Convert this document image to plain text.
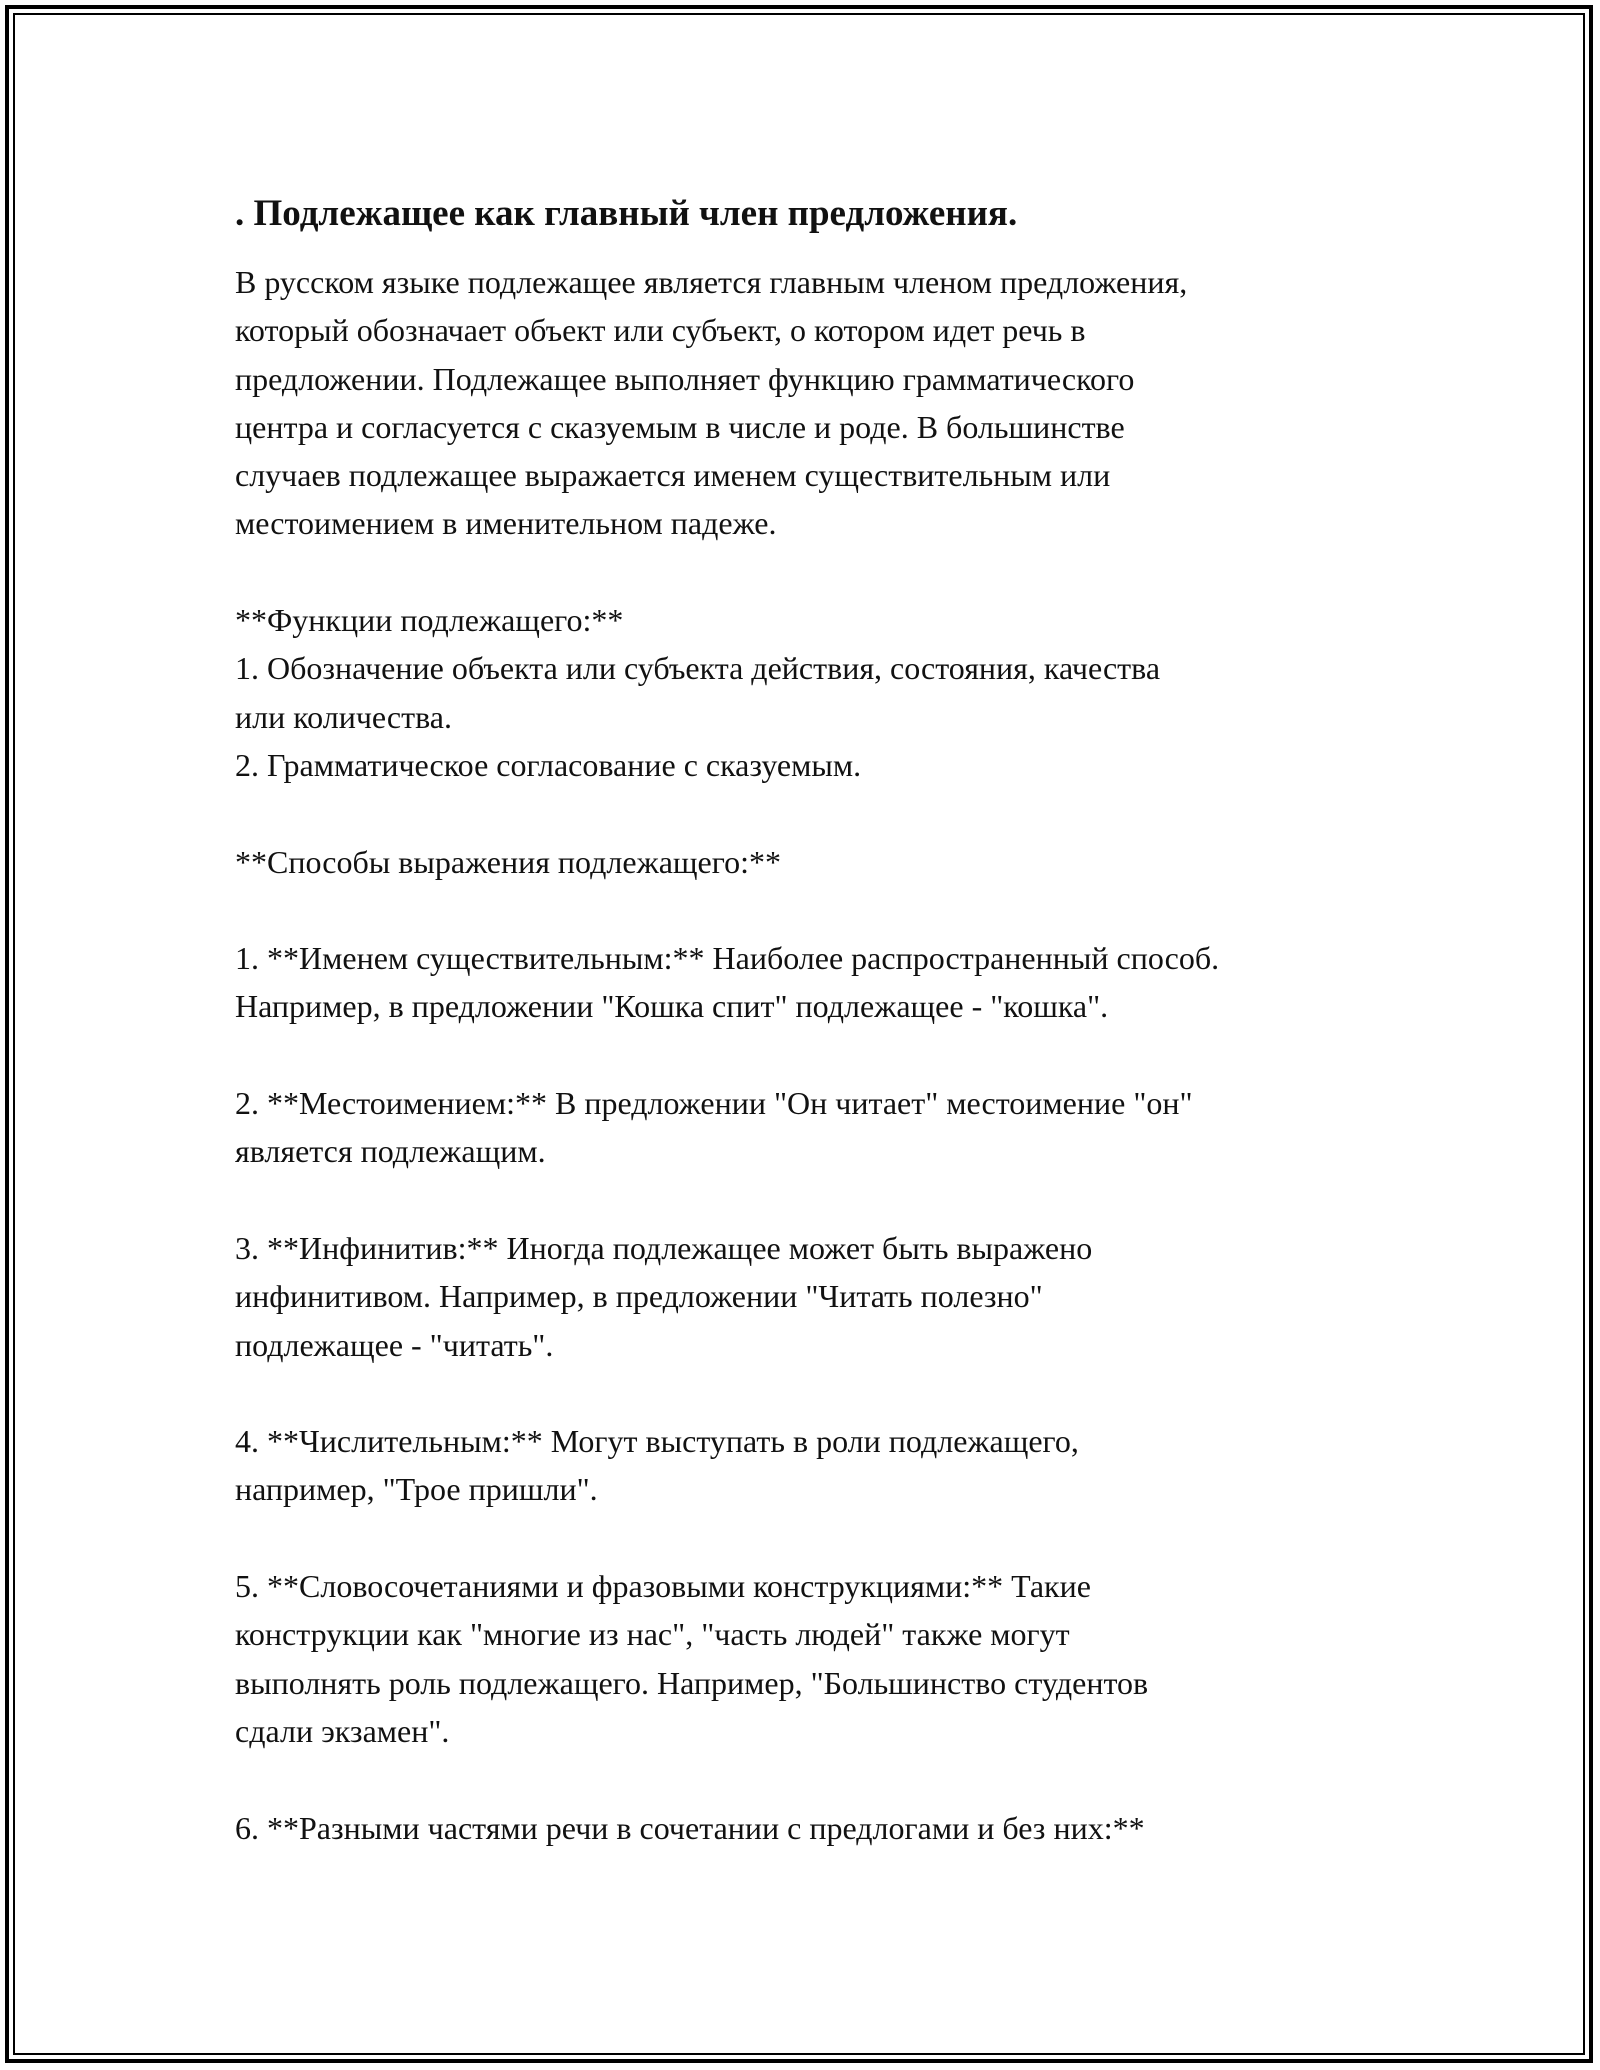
. Подлежащее как главный член предложения.

В русском языке подлежащее является главным членом предложения,
который обозначает объект или субъект, о котором идет речь в
предложении. Подлежащее выполняет функцию грамматического
центра и согласуется с сказуемым в числе и роде. В большинстве
случаев подлежащее выражается именем существительным или
местоимением в именительном падеже.

**Функции подлежащего:**

1. Обозначение объекта или субъекта действия, состояния, качества
или количества.

2. Грамматическое согласование с сказуемым.

**Способы выражения подлежащего:**

1. **Именем существительным:** Наиболее распространенный способ.
Например, в предложении "Кошка спит" подлежащее - "кошка".

2. **Местоимением:** В предложении "Он читает" местоимение "он"
является подлежащим.

3. **Инфинитив:** Иногда подлежащее может быть выражено
инфинитивом. Например, в предложении "Читать полезно"
подлежащее - "читать".

4. **Числительным:** Могут выступать в роли подлежащего,
например, "Трое пришли".

5. **Словосочетаниями и фразовыми конструкциями:** Такие
конструкции как "многие из нас", "часть людей" также могут
выполнять роль подлежащего. Например, "Большинство студентов
сдали экзамен".

6. **Разными частями речи в сочетании с предлогами и без них:**
